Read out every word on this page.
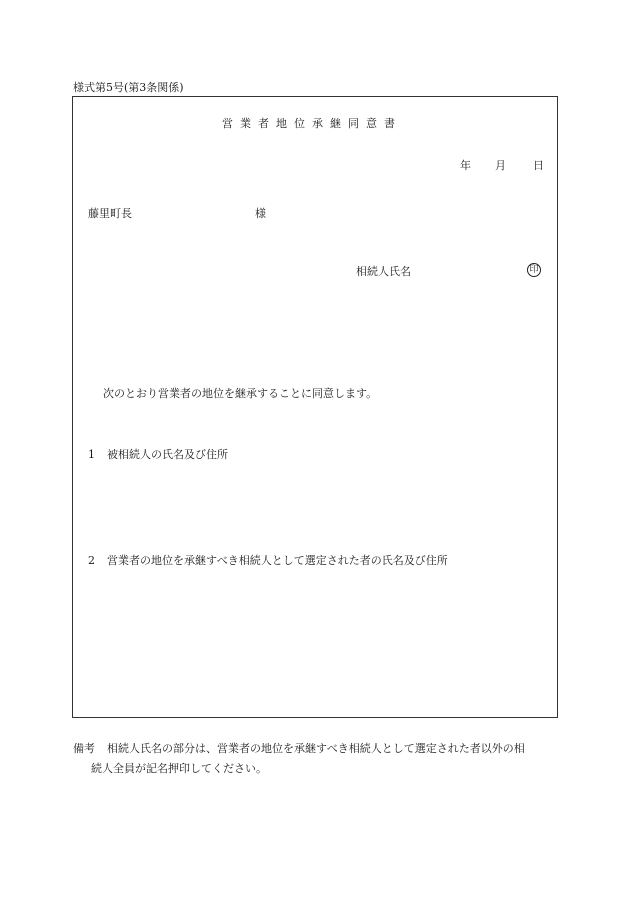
様式第5号(第3条関係)
営業者地位承継同意書
年 月 日
藤里町長	様
相続人氏名	印
次のとおり営業者の地位を継承することに同意します。
1 被相続人の氏名及び住所
2 営業者の地位を承継すべき相続人として選定された者の氏名及び住所
備考 相続人氏名の部分は、営業者の地位を承継すべき相続人として選定された者以外の相
続人全員が記名押印してください。
